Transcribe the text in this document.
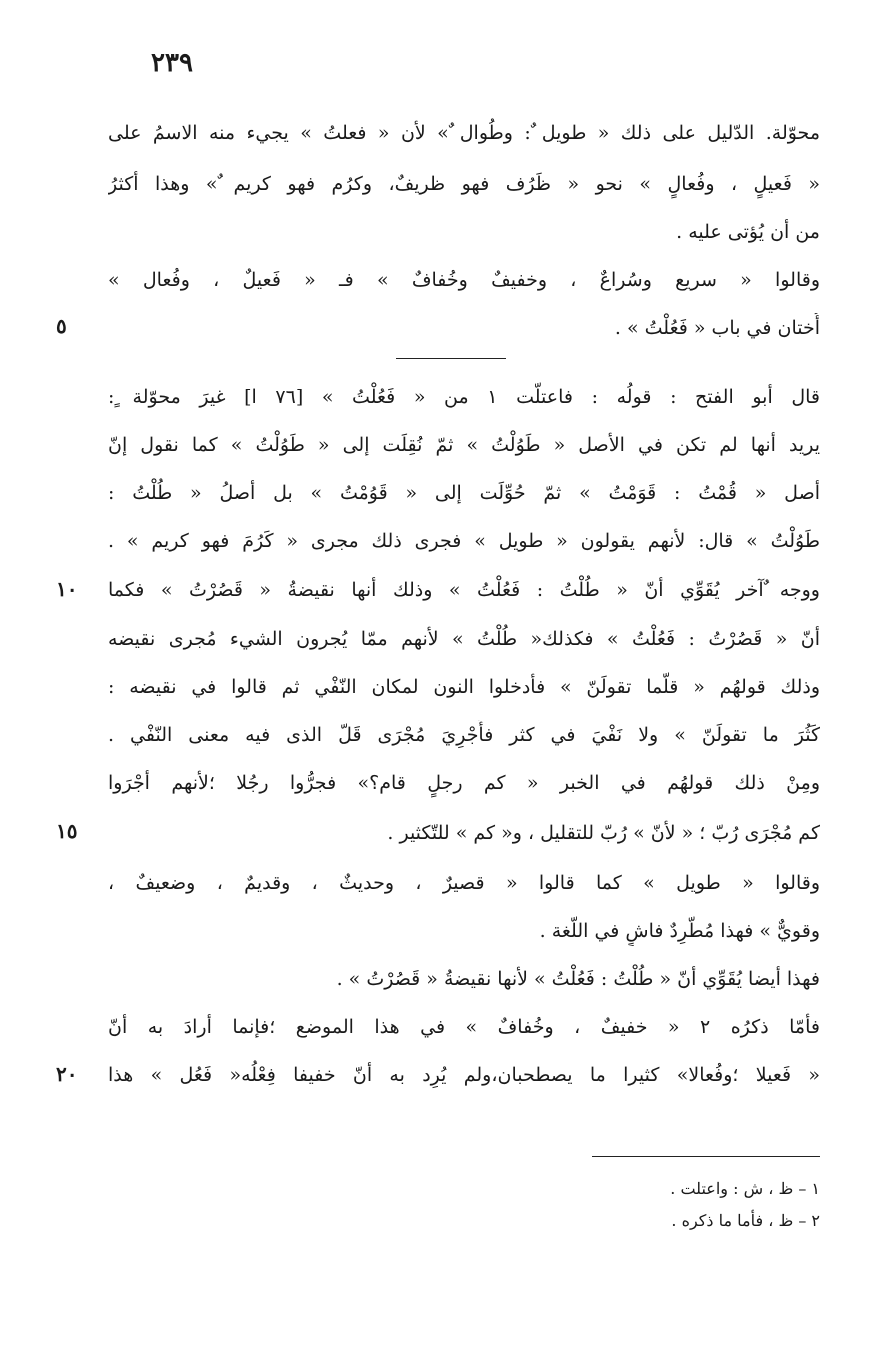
٢٣٩
محوّلة. الدّليل على ذلك « طويل ٌ: وطُوال ٌ» لأن « فعلتُ » يجيء منه الاسمُ على
« فَعيلٍ ، وفُعالٍ » نحو « ظَرُف فهو ظريفٌ، وكرُم فهو كريم ٌ» وهذا أكثرُ
من أن يُؤتى عليه .
وقالوا « سريع وسُراعٌ ، وخفيفٌ وخُفافٌ » فـ « فَعيلٌ ، وفُعال »
أُختان في باب « فَعُلْتُ » .
٥
قال أبو الفتح : قولُه : فاعتلّت ١ من « فَعُلْتُ » [٧٦ ا] غيرَ محوّلة ٍ:
يريد أنها لم تكن في الأصل « طَوُلْتُ » ثمّ نُقِلَت إلى « طَوُلْتُ » كما نقول إنّ
أصل « قُمْتُ : قَوَمْتُ » ثمّ حُوِّلَت إلى « قَوُمْتُ » بل أصلُ « طُلْتُ :
طَوُلْتُ » قال: لأنهم يقولون « طويل » فجرى ذلك مجرى « كَرُمَ فهو كريم » .
ووجه ٌآخر يُقَوِّي أنّ « طُلْتُ : فَعُلْتُ » وذلك أنها نقيضةُ « قَصُرْتُ » فكما
١٠
أنّ « قَصُرْتُ : فَعُلْتُ » فكذلك« طُلْتُ » لأنهم ممّا يُجرون الشيء مُجرى نقيضه
وذلك قولهُم « قلّما تقولَنّ » فأدخلوا النون لمكان النّفْي ثم قالوا في نقيضه :
كَثُرَ ما تقولَنّ » ولا نَفْيَ في كثر فأُجْرِيَ مُجْرَى قَلّ الذى فيه معنى النّفْي .
ومِنْ ذلك قولهُم في الخبر « كم رجلٍ قام؟» فجرُّوا رجُلا ؛لأنهم أجْرَوا
كم مُجْرَى رُبّ ؛ « لأنّ » رُبّ للتقليل ، و« كم » للتّكثير .
١٥
وقالوا « طويل » كما قالوا « قصيرٌ ، وحديثٌ ، وقديمٌ ، وضعيفٌ ،
وقويٌّ » فهذا مُطّرِدٌ فاشٍ في اللّغة .
فهذا أيضا يُقَوِّي أنّ « طُلْتُ : فَعُلْتُ » لأنها نقيضةُ « قَصُرْتُ » .
فأمّا ذكرُه ٢ « خفيفٌ ، وخُفافٌ » في هذا الموضع ؛فإنما أرادَ به أنّ
« فَعيلا ؛وفُعالا» كثيرا ما يصطحبان،ولم يُرِد به أنّ خفيفا فِعْلُه« فَعُل » هذا
٢٠
١ – ظ ، ش : واعتلت .
٢ – ظ ، فأما ما ذكره .
